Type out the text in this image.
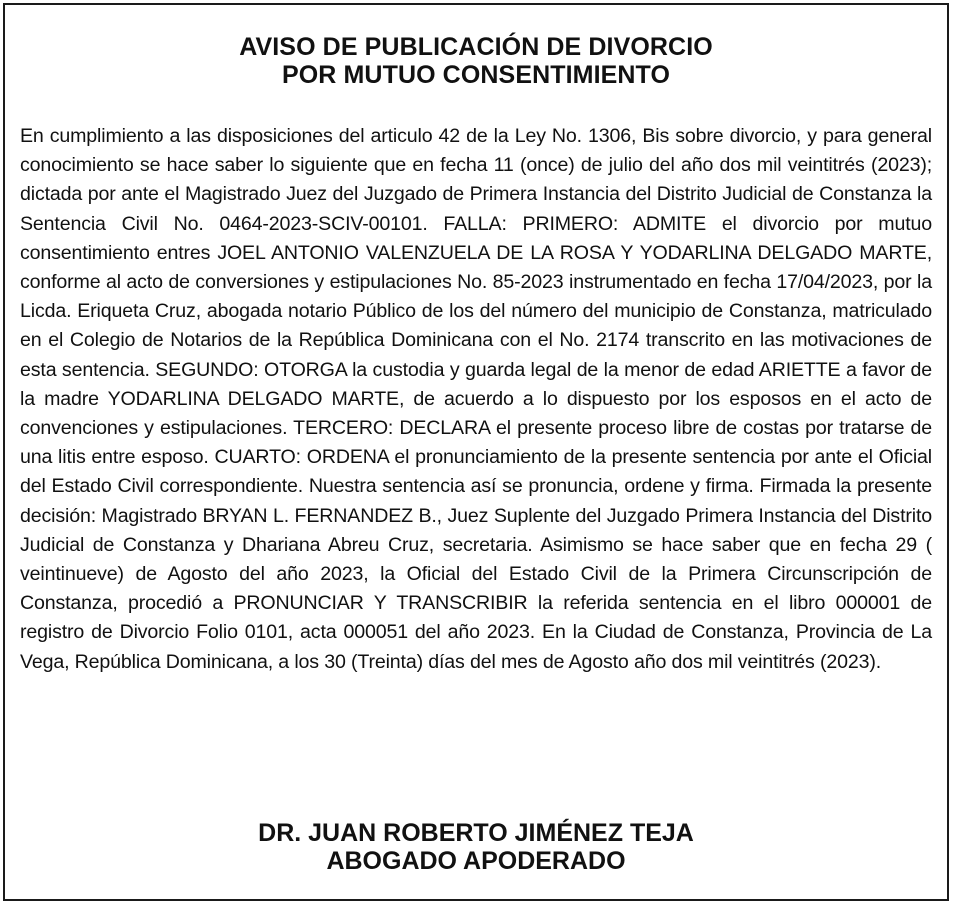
AVISO DE PUBLICACIÓN DE DIVORCIO
POR MUTUO CONSENTIMIENTO
En cumplimiento a las disposiciones del articulo 42 de la Ley No. 1306, Bis sobre divorcio, y para general conocimiento se hace saber lo siguiente que en fecha 11 (once) de julio del año dos mil veintitrés (2023); dictada por ante el Magistrado Juez del Juzgado de Primera Instancia del Distrito Judicial de Constanza la Sentencia Civil No. 0464-2023-SCIV-00101. FALLA: PRIMERO: ADMITE el divorcio por mutuo consentimiento entres JOEL ANTONIO VALENZUELA DE LA ROSA Y YODARLINA DELGADO MARTE, conforme al acto de conversiones y estipulaciones No. 85-2023 instrumentado en fecha 17/04/2023, por la Licda. Eriqueta Cruz, abogada notario Público de los del número del municipio de Constanza, matriculado en el Colegio de Notarios de la República Dominicana con el No. 2174 transcrito en las motivaciones de esta sentencia. SEGUNDO: OTORGA la custodia y guarda legal de la menor de edad ARIETTE a favor de la madre YODARLINA DELGADO MARTE, de acuerdo a lo dispuesto por los esposos en el acto de convenciones y estipulaciones. TERCERO: DECLARA el presente proceso libre de costas por tratarse de una litis entre esposo. CUARTO: ORDENA el pronunciamiento de la presente sentencia por ante el Oficial del Estado Civil correspondiente. Nuestra sentencia así se pronuncia, ordene y firma. Firmada la presente decisión: Magistrado BRYAN L. FERNANDEZ B., Juez Suplente del Juzgado Primera Instancia del Distrito Judicial de Constanza y Dhariana Abreu Cruz, secretaria. Asimismo se hace saber que en fecha 29 ( veintinueve) de Agosto del año 2023, la Oficial del Estado Civil de la Primera Circunscripción de Constanza, procedió a PRONUNCIAR Y TRANSCRIBIR la referida sentencia en el libro 000001 de registro de Divorcio Folio 0101, acta 000051 del año 2023. En la Ciudad de Constanza, Provincia de La Vega, República Dominicana, a los 30 (Treinta) días del mes de Agosto año dos mil veintitrés (2023).
DR. JUAN ROBERTO JIMÉNEZ TEJA
ABOGADO APODERADO
